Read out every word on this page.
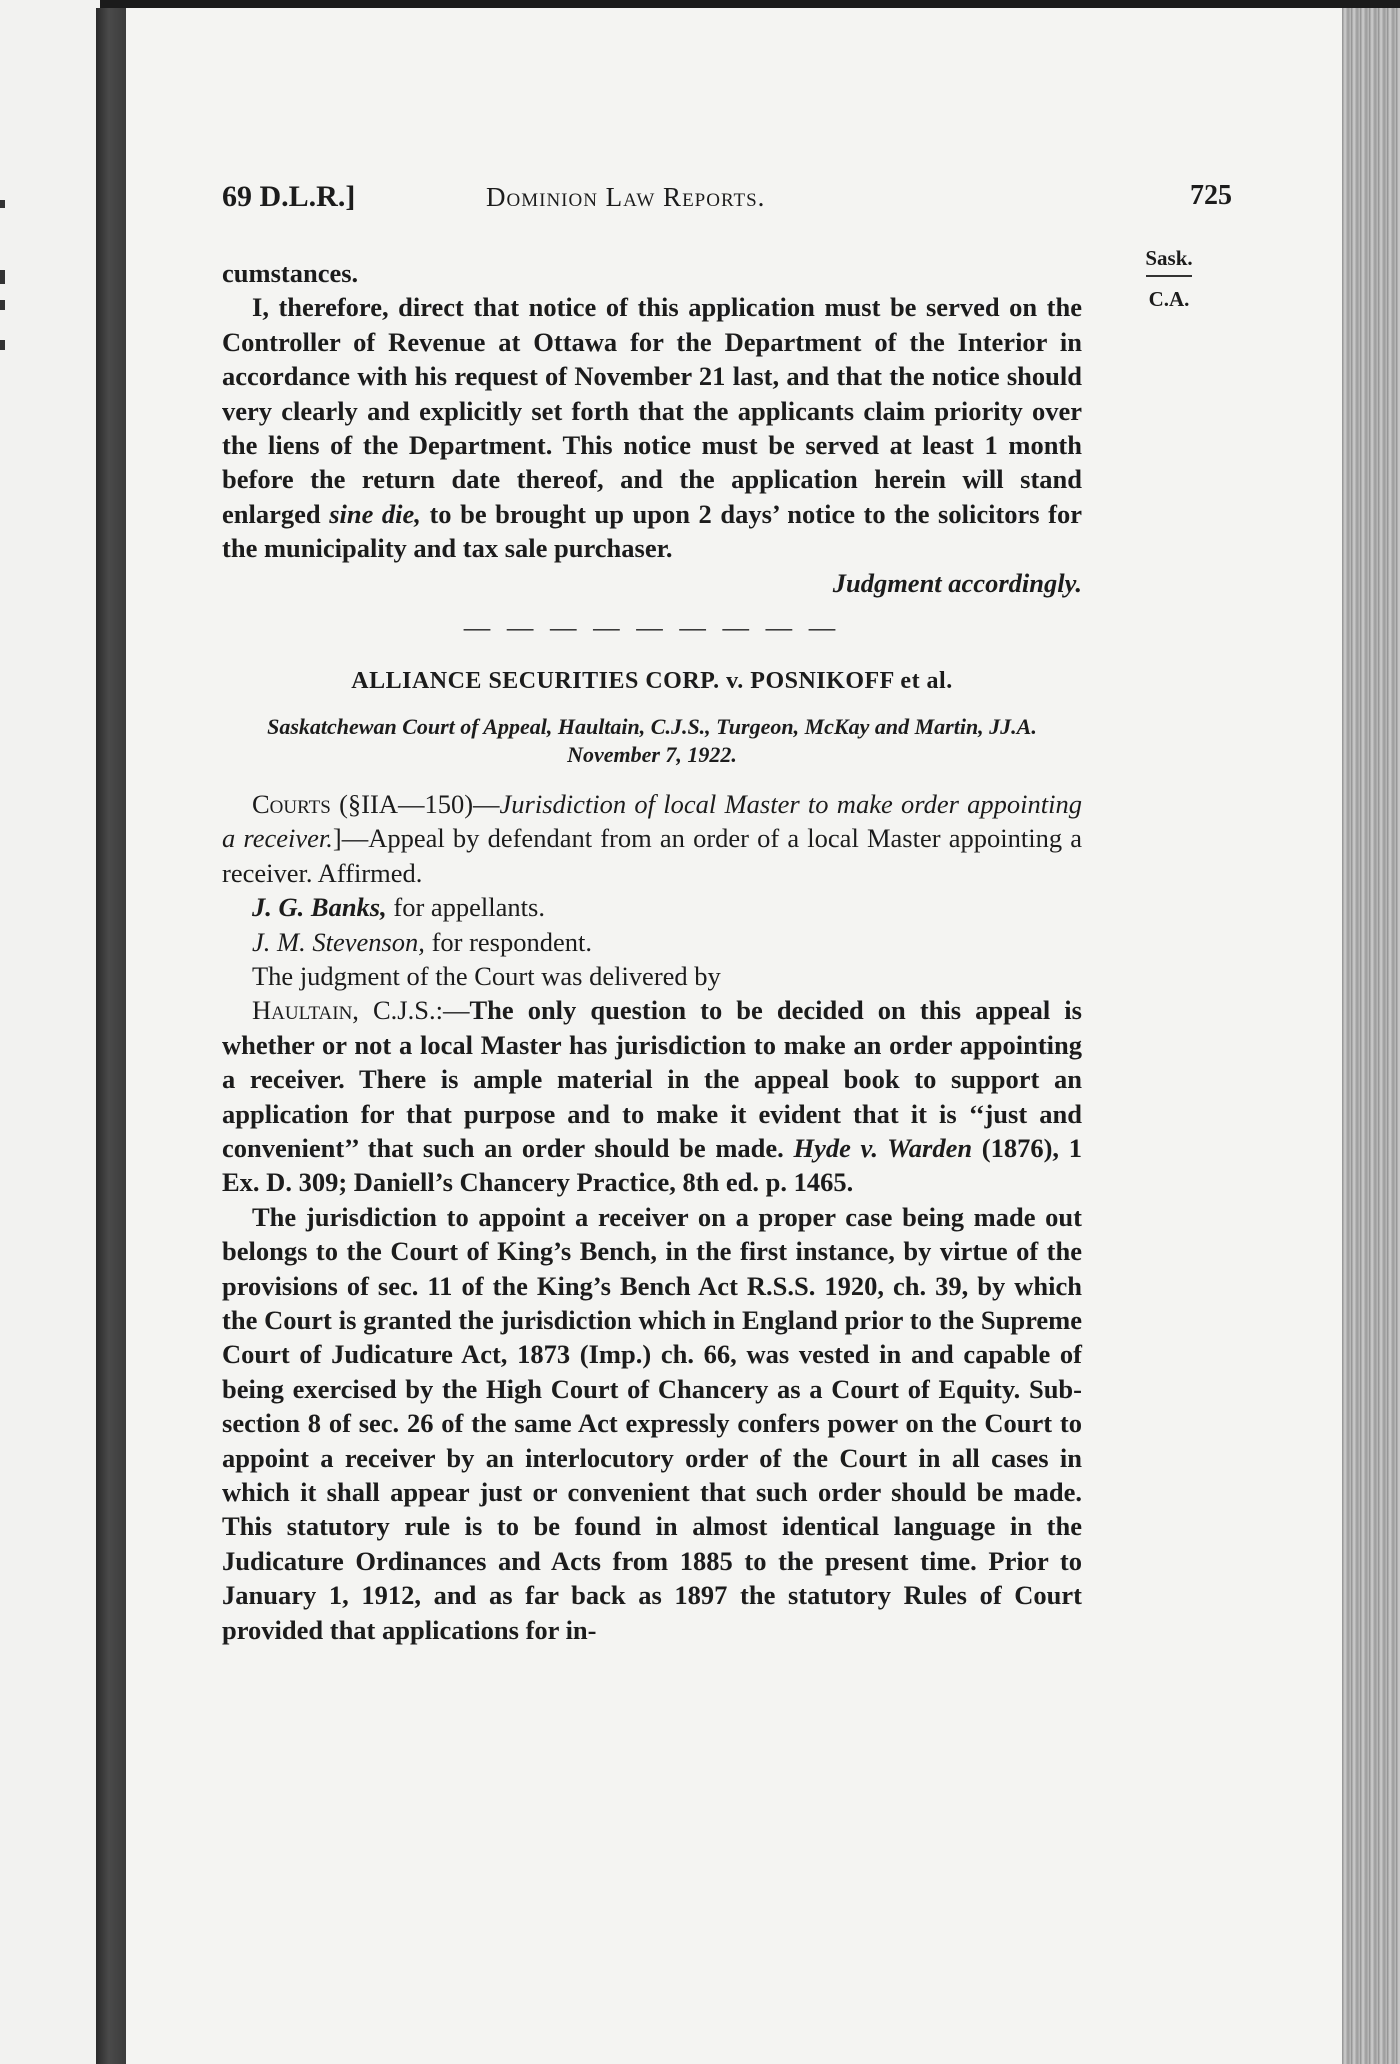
69 D.L.R.]	Dominion Law Reports.	725
Sask.
C.A.

cumstances.

I, therefore, direct that notice of this application must be served on the Controller of Revenue at Ottawa for the Department of the Interior in accordance with his request of November 21 last, and that the notice should very clearly and explicitly set forth that the applicants claim priority over the liens of the Department. This notice must be served at least 1 month before the return date thereof, and the application herein will stand enlarged sine die, to be brought up upon 2 days’ notice to the solicitors for the municipality and tax sale purchaser.

Judgment accordingly.

— — — — — — — — —

ALLIANCE SECURITIES CORP. v. POSNIKOFF et al.

Saskatchewan Court of Appeal, Haultain, C.J.S., Turgeon, McKay and Martin, JJ.A. November 7, 1922.

Courts (§IIA—150)—Jurisdiction of local Master to make order appointing a receiver.]—Appeal by defendant from an order of a local Master appointing a receiver. Affirmed.

J. G. Banks, for appellants.

J. M. Stevenson, for respondent.

The judgment of the Court was delivered by

Haultain, C.J.S.:—The only question to be decided on this appeal is whether or not a local Master has jurisdiction to make an order appointing a receiver. There is ample material in the appeal book to support an application for that purpose and to make it evident that it is ‘‘just and convenient’’ that such an order should be made. Hyde v. Warden (1876), 1 Ex. D. 309; Daniell’s Chancery Practice, 8th ed. p. 1465.

The jurisdiction to appoint a receiver on a proper case being made out belongs to the Court of King’s Bench, in the first instance, by virtue of the provisions of sec. 11 of the King’s Bench Act R.S.S. 1920, ch. 39, by which the Court is granted the jurisdiction which in England prior to the Supreme Court of Judicature Act, 1873 (Imp.) ch. 66, was vested in and capable of being exercised by the High Court of Chancery as a Court of Equity. Sub-section 8 of sec. 26 of the same Act expressly confers power on the Court to appoint a receiver by an interlocutory order of the Court in all cases in which it shall appear just or convenient that such order should be made. This statutory rule is to be found in almost identical language in the Judicature Ordinances and Acts from 1885 to the present time. Prior to January 1, 1912, and as far back as 1897 the statutory Rules of Court provided that applications for in-
